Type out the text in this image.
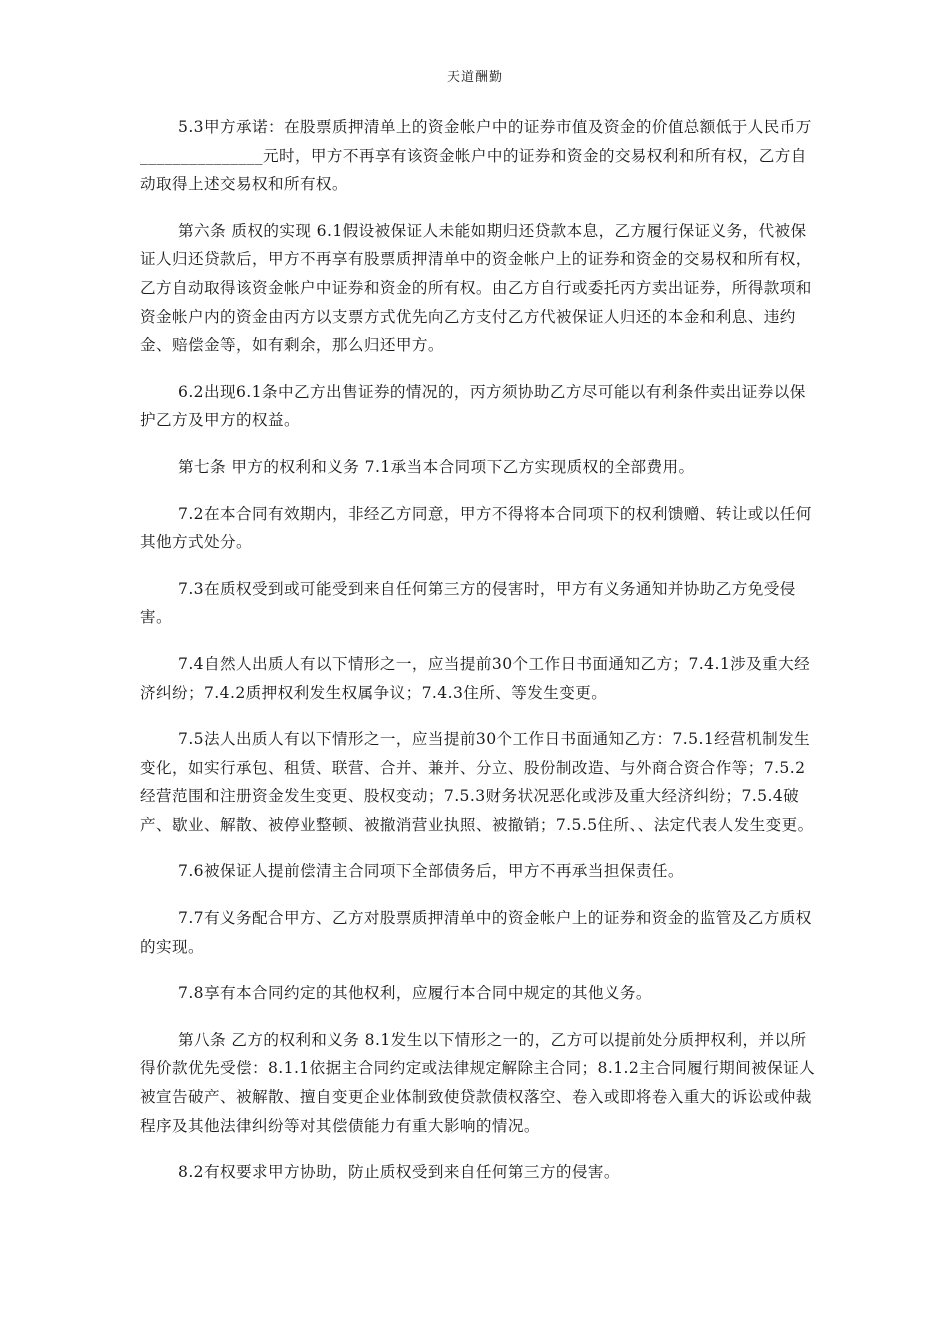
天道酬勤

5.3甲方承诺：在股票质押清单上的资金帐户中的证券市值及资金的价值总额低于人民币万_______________元时，甲方不再享有该资金帐户中的证券和资金的交易权利和所有权，乙方自动取得上述交易权和所有权。

第六条 质权的实现 6.1假设被保证人未能如期归还贷款本息，乙方履行保证义务，代被保证人归还贷款后，甲方不再享有股票质押清单中的资金帐户上的证券和资金的交易权和所有权，乙方自动取得该资金帐户中证券和资金的所有权。由乙方自行或委托丙方卖出证券，所得款项和资金帐户内的资金由丙方以支票方式优先向乙方支付乙方代被保证人归还的本金和利息、违约金、赔偿金等，如有剩余，那么归还甲方。

6.2出现6.1条中乙方出售证券的情况的，丙方须协助乙方尽可能以有利条件卖出证券以保护乙方及甲方的权益。

第七条 甲方的权利和义务 7.1承当本合同项下乙方实现质权的全部费用。

7.2在本合同有效期内，非经乙方同意，甲方不得将本合同项下的权利馈赠、转让或以任何其他方式处分。

7.3在质权受到或可能受到来自任何第三方的侵害时，甲方有义务通知并协助乙方免受侵害。

7.4自然人出质人有以下情形之一，应当提前30个工作日书面通知乙方；7.4.1涉及重大经济纠纷；7.4.2质押权利发生权属争议；7.4.3住所、等发生变更。

7.5法人出质人有以下情形之一，应当提前30个工作日书面通知乙方：7.5.1经营机制发生变化，如实行承包、租赁、联营、合并、兼并、分立、股份制改造、与外商合资合作等；7.5.2经营范围和注册资金发生变更、股权变动；7.5.3财务状况恶化或涉及重大经济纠纷；7.5.4破产、歇业、解散、被停业整顿、被撤消营业执照、被撤销；7.5.5住所、、法定代表人发生变更。

7.6被保证人提前偿清主合同项下全部债务后，甲方不再承当担保责任。

7.7有义务配合甲方、乙方对股票质押清单中的资金帐户上的证券和资金的监管及乙方质权的实现。

7.8享有本合同约定的其他权利，应履行本合同中规定的其他义务。

第八条 乙方的权利和义务 8.1发生以下情形之一的，乙方可以提前处分质押权利，并以所得价款优先受偿：8.1.1依据主合同约定或法律规定解除主合同；8.1.2主合同履行期间被保证人被宣告破产、被解散、擅自变更企业体制致使贷款债权落空、卷入或即将卷入重大的诉讼或仲裁程序及其他法律纠纷等对其偿债能力有重大影响的情况。

8.2有权要求甲方协助，防止质权受到来自任何第三方的侵害。
